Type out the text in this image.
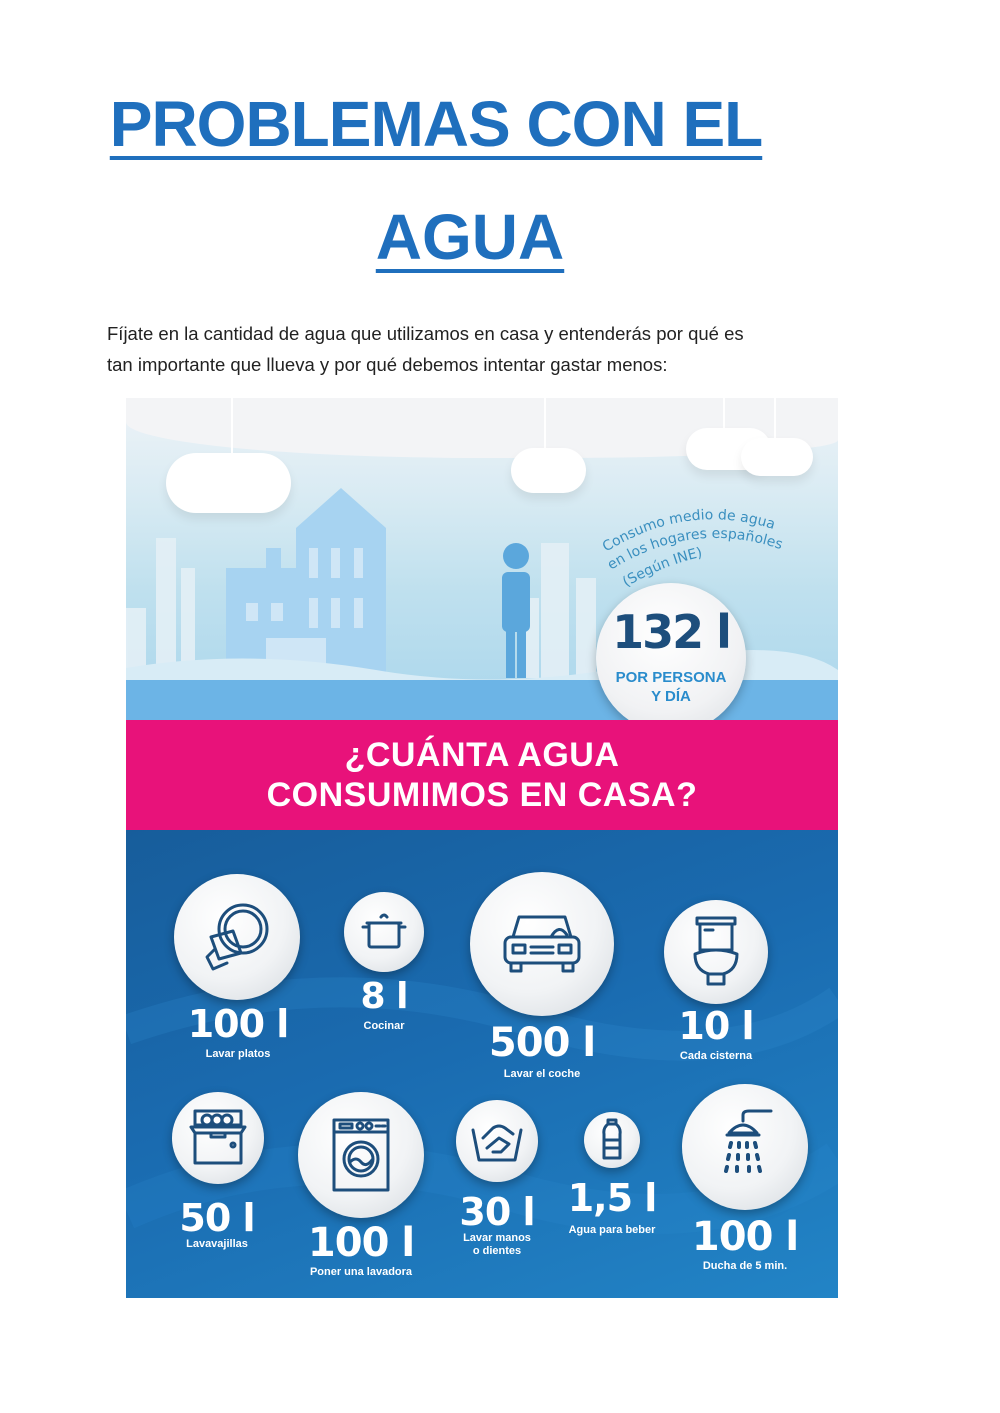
PROBLEMAS CON EL
AGUA
Fíjate en la cantidad de agua que utilizamos en casa y entenderás por qué es
tan importante que llueva y por qué debemos intentar gastar menos:
Consumo medio de agua
en los hogares españoles
(Según INE)
132 l
POR PERSONA
Y DÍA
¿CUÁNTA AGUA
CONSUMIMOS EN CASA?
100 l
Lavar platos
8 l
Cocinar	500 l
Lavar el coche
10 l
Cada cisterna
50 l
Lavavajillas	100 l
Poner una lavadora
30 l
Lavar manos
o dientes
1,5 l
Agua para beber 100 l
Ducha de 5 min.
